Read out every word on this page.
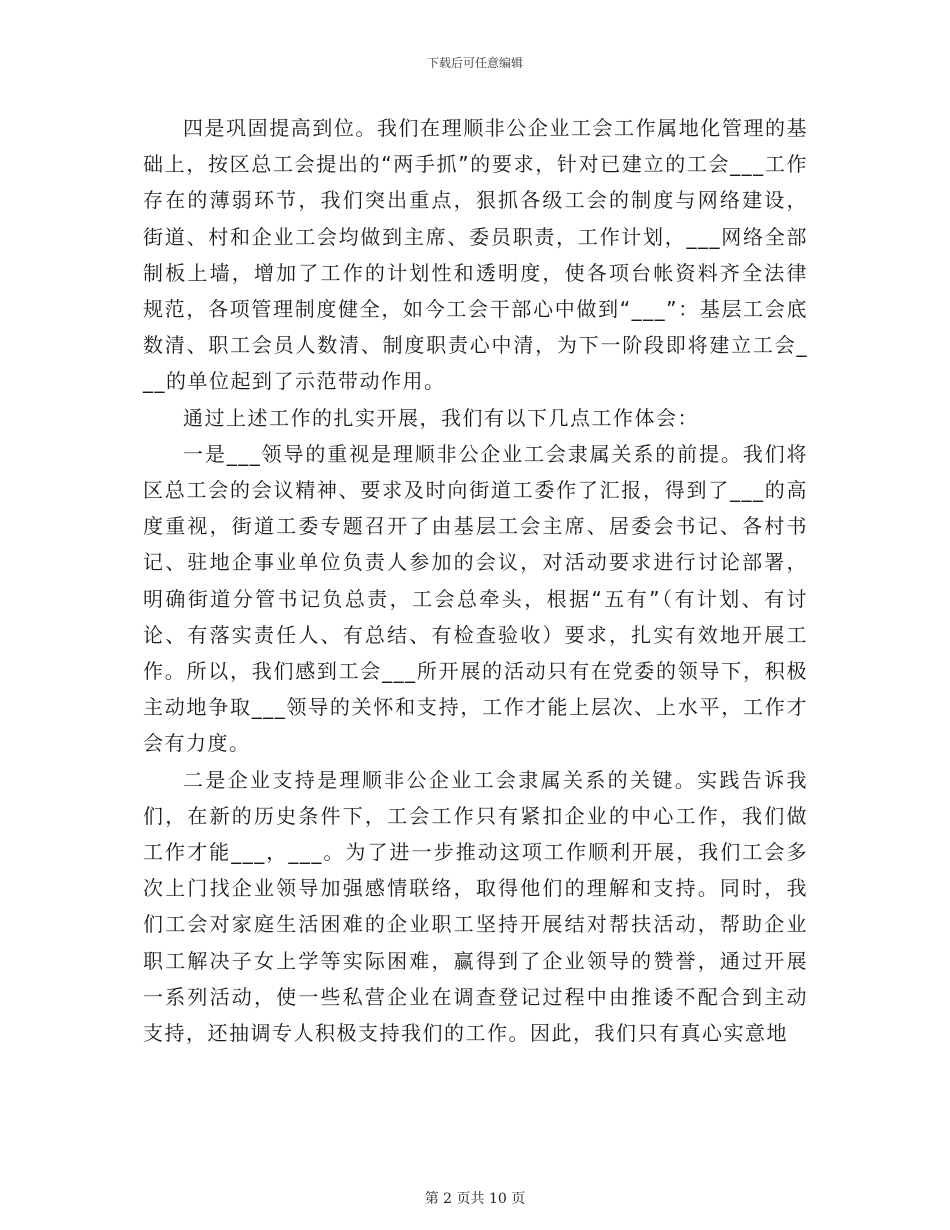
下载后可任意编辑

四是巩固提高到位。我们在理顺非公企业工会工作属地化管理的基础上，按区总工会提出的“两手抓”的要求，针对已建立的工会___工作存在的薄弱环节，我们突出重点，狠抓各级工会的制度与网络建设，街道、村和企业工会均做到主席、委员职责，工作计划，___网络全部制板上墙，增加了工作的计划性和透明度，使各项台帐资料齐全法律规范，各项管理制度健全，如今工会干部心中做到“___”：基层工会底数清、职工会员人数清、制度职责心中清，为下一阶段即将建立工会___的单位起到了示范带动作用。

通过上述工作的扎实开展，我们有以下几点工作体会：

一是___领导的重视是理顺非公企业工会隶属关系的前提。我们将区总工会的会议精神、要求及时向街道工委作了汇报，得到了___的高度重视，街道工委专题召开了由基层工会主席、居委会书记、各村书记、驻地企事业单位负责人参加的会议，对活动要求进行讨论部署，明确街道分管书记负总责，工会总牵头，根据“五有”（有计划、有讨论、有落实责任人、有总结、有检查验收）要求，扎实有效地开展工作。所以，我们感到工会___所开展的活动只有在党委的领导下，积极主动地争取___领导的关怀和支持，工作才能上层次、上水平，工作才会有力度。

二是企业支持是理顺非公企业工会隶属关系的关键。实践告诉我们，在新的历史条件下，工会工作只有紧扣企业的中心工作，我们做工作才能___，___。为了进一步推动这项工作顺利开展，我们工会多次上门找企业领导加强感情联络，取得他们的理解和支持。同时，我们工会对家庭生活困难的企业职工坚持开展结对帮扶活动，帮助企业职工解决子女上学等实际困难，赢得到了企业领导的赞誉，通过开展一系列活动，使一些私营企业在调查登记过程中由推诿不配合到主动支持，还抽调专人积极支持我们的工作。因此，我们只有真心实意地

第 2 页共 10 页
